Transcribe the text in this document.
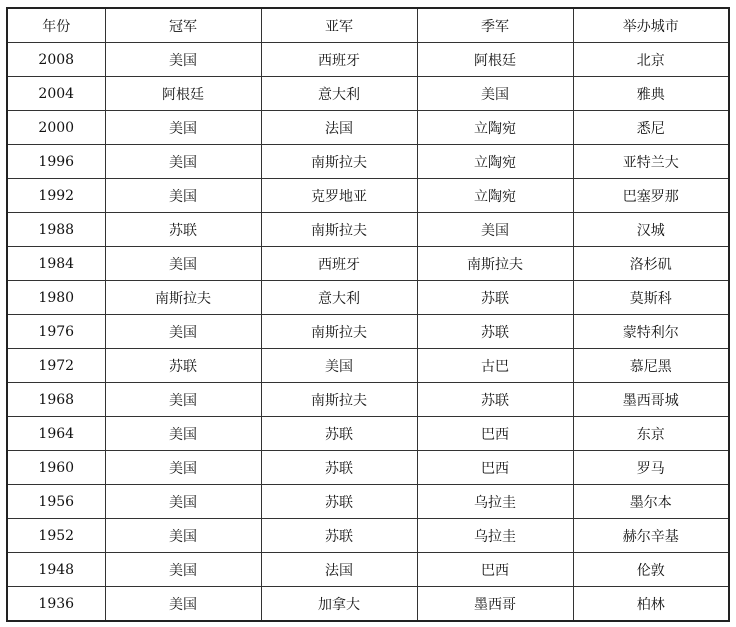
年份	冠军	亚军	季军	举办城市
2008	美国	西班牙	阿根廷	北京
2004	阿根廷	意大利	美国	雅典
2000	美国	法国	立陶宛	悉尼
1996	美国	南斯拉夫	立陶宛	亚特兰大
1992	美国	克罗地亚	立陶宛	巴塞罗那
1988	苏联	南斯拉夫	美国	汉城
1984	美国	西班牙	南斯拉夫	洛杉矶
1980	南斯拉夫	意大利	苏联	莫斯科
1976	美国	南斯拉夫	苏联	蒙特利尔
1972	苏联	美国	古巴	慕尼黑
1968	美国	南斯拉夫	苏联	墨西哥城
1964	美国	苏联	巴西	东京
1960	美国	苏联	巴西	罗马
1956	美国	苏联	乌拉圭	墨尔本
1952	美国	苏联	乌拉圭	赫尔辛基
1948	美国	法国	巴西	伦敦
1936	美国	加拿大	墨西哥	柏林
